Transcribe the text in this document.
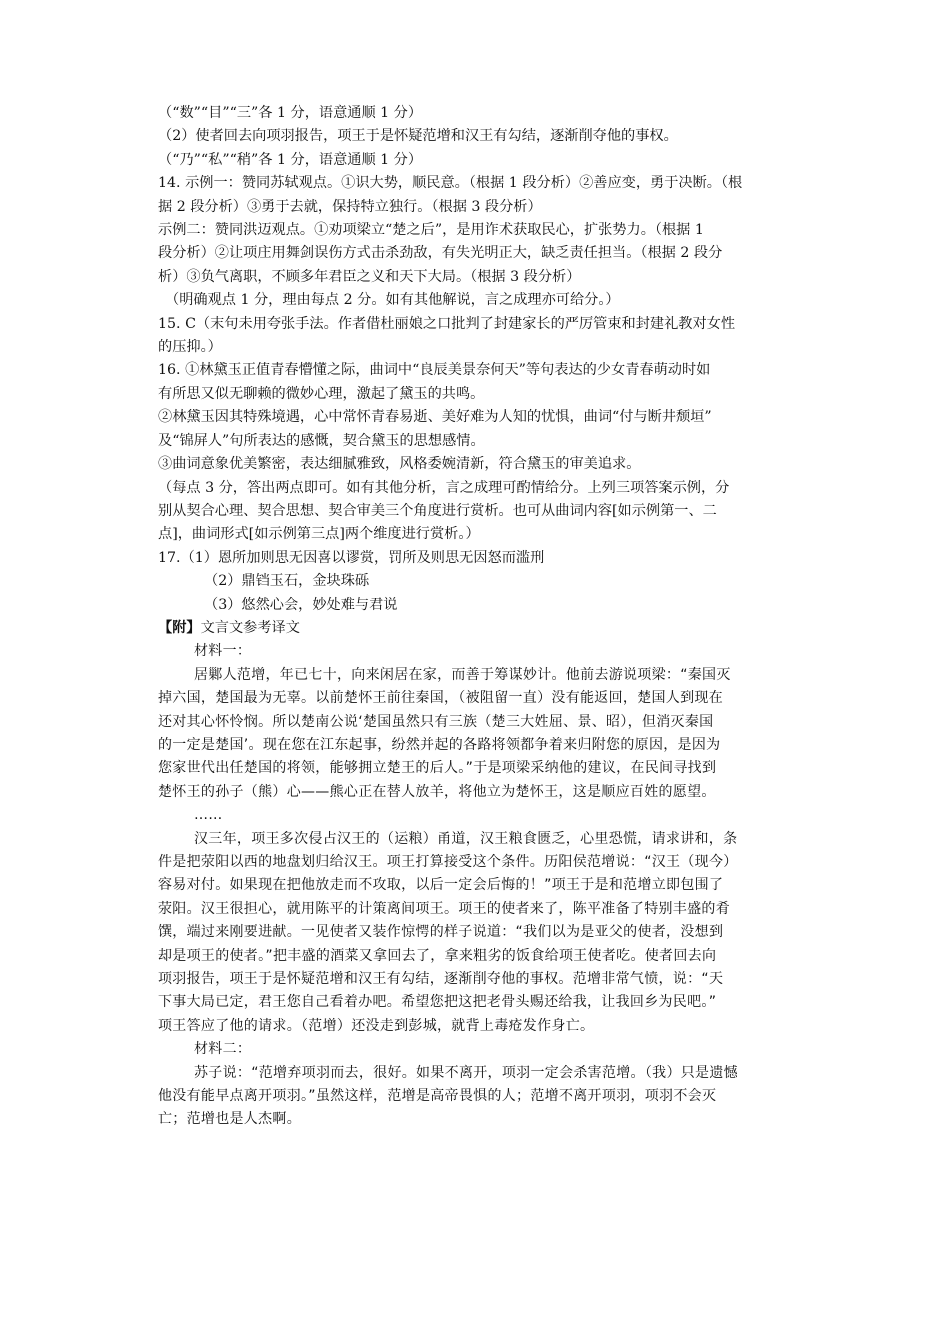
（“数”“目”“三”各 1 分，语意通顺 1 分）
（2）使者回去向项羽报告，项王于是怀疑范增和汉王有勾结，逐渐削夺他的事权。
（“乃”“私”“稍”各 1 分，语意通顺 1 分）
14. 示例一：赞同苏轼观点。①识大势，顺民意。（根据 1 段分析）②善应变，勇于决断。（根
据 2 段分析）③勇于去就，保持特立独行。（根据 3 段分析）
示例二：赞同洪迈观点。①劝项梁立“楚之后”，是用诈术获取民心，扩张势力。（根据 1
段分析）②让项庄用舞剑误伤方式击杀劲敌，有失光明正大，缺乏责任担当。（根据 2 段分
析）③负气离职，不顾多年君臣之义和天下大局。（根据 3 段分析）
（明确观点 1 分，理由每点 2 分。如有其他解说，言之成理亦可给分。）
15. C（末句未用夸张手法。作者借杜丽娘之口批判了封建家长的严厉管束和封建礼教对女性
的压抑。）
16. ①林黛玉正值青春懵懂之际，曲词中“良辰美景奈何天”等句表达的少女青春萌动时如
有所思又似无聊赖的微妙心理，激起了黛玉的共鸣。
②林黛玉因其特殊境遇，心中常怀青春易逝、美好难为人知的忧惧，曲词“付与断井颓垣”
及“锦屏人”句所表达的感慨，契合黛玉的思想感情。
③曲词意象优美繁密，表达细腻雅致，风格委婉清新，符合黛玉的审美追求。
（每点 3 分，答出两点即可。如有其他分析，言之成理可酌情给分。上列三项答案示例，分
别从契合心理、契合思想、契合审美三个角度进行赏析。也可从曲词内容[如示例第一、二
点]，曲词形式[如示例第三点]两个维度进行赏析。）
17.（1）恩所加则思无因喜以谬赏，罚所及则思无因怒而滥刑
（2）鼎铛玉石，金块珠砾
（3）悠然心会，妙处难与君说
【附】文言文参考译文
材料一：
居鄛人范增，年已七十，向来闲居在家，而善于筹谋妙计。他前去游说项梁：“秦国灭
掉六国，楚国最为无辜。以前楚怀王前往秦国，（被阻留一直）没有能返回，楚国人到现在
还对其心怀怜悯。所以楚南公说‘楚国虽然只有三族（楚三大姓屈、景、昭），但消灭秦国
的一定是楚国’。现在您在江东起事，纷然并起的各路将领都争着来归附您的原因，是因为
您家世代出任楚国的将领，能够拥立楚王的后人。”于是项梁采纳他的建议，在民间寻找到
楚怀王的孙子（熊）心——熊心正在替人放羊，将他立为楚怀王，这是顺应百姓的愿望。
……
汉三年，项王多次侵占汉王的（运粮）甬道，汉王粮食匮乏，心里恐慌，请求讲和，条
件是把荥阳以西的地盘划归给汉王。项王打算接受这个条件。历阳侯范增说：“汉王（现今）
容易对付。如果现在把他放走而不攻取，以后一定会后悔的！”项王于是和范增立即包围了
荥阳。汉王很担心，就用陈平的计策离间项王。项王的使者来了，陈平准备了特别丰盛的肴
馔，端过来刚要进献。一见使者又装作惊愕的样子说道：“我们以为是亚父的使者，没想到
却是项王的使者。”把丰盛的酒菜又拿回去了，拿来粗劣的饭食给项王使者吃。使者回去向
项羽报告，项王于是怀疑范增和汉王有勾结，逐渐削夺他的事权。范增非常气愤，说：“天
下事大局已定，君王您自己看着办吧。希望您把这把老骨头赐还给我，让我回乡为民吧。”
项王答应了他的请求。（范增）还没走到彭城，就背上毒疮发作身亡。
材料二：
苏子说：“范增弃项羽而去，很好。如果不离开，项羽一定会杀害范增。（我）只是遗憾
他没有能早点离开项羽。”虽然这样，范增是高帝畏惧的人；范增不离开项羽，项羽不会灭
亡；范增也是人杰啊。
